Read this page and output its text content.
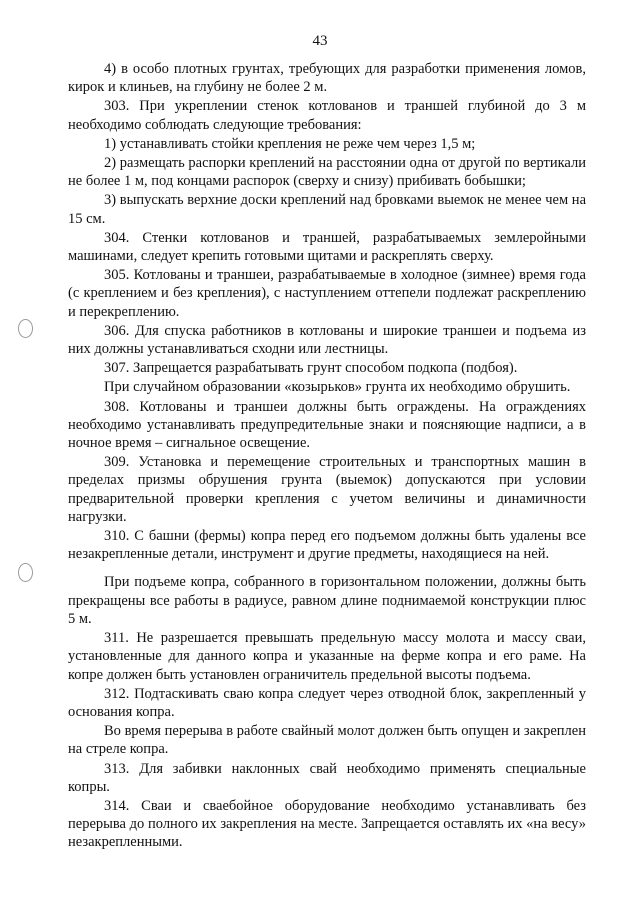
43

4) в особо плотных грунтах, требующих для разработки применения ломов, кирок и клиньев, на глубину не более 2 м.

303. При укреплении стенок котлованов и траншей глубиной до 3 м необходимо соблюдать следующие требования:

1) устанавливать стойки крепления не реже чем через 1,5 м;

2) размещать распорки креплений на расстоянии одна от другой по вертикали не более 1 м, под концами распорок (сверху и снизу) прибивать бобышки;

3) выпускать верхние доски креплений над бровками выемок не менее чем на 15 см.

304. Стенки котлованов и траншей, разрабатываемых землеройными машинами, следует крепить готовыми щитами и раскреплять сверху.

305. Котлованы и траншеи, разрабатываемые в холодное (зимнее) время года (с креплением и без крепления), с наступлением оттепели подлежат раскреплению и перекреплению.

306. Для спуска работников в котлованы и широкие траншеи и подъема из них должны устанавливаться сходни или лестницы.

307. Запрещается разрабатывать грунт способом подкопа (подбоя).

При случайном образовании «козырьков» грунта их необходимо обрушить.

308. Котлованы и траншеи должны быть ограждены. На ограждениях необходимо устанавливать предупредительные знаки и поясняющие надписи, а в ночное время – сигнальное освещение.

309. Установка и перемещение строительных и транспортных машин в пределах призмы обрушения грунта (выемок) допускаются при условии предварительной проверки крепления с учетом величины и динамичности нагрузки.

310. С башни (фермы) копра перед его подъемом должны быть удалены все незакрепленные детали, инструмент и другие предметы, находящиеся на ней.

При подъеме копра, собранного в горизонтальном положении, должны быть прекращены все работы в радиусе, равном длине поднимаемой конструкции плюс 5 м.

311. Не разрешается превышать предельную массу молота и массу сваи, установленные для данного копра и указанные на ферме копра и его раме. На копре должен быть установлен ограничитель предельной высоты подъема.

312. Подтаскивать сваю копра следует через отводной блок, закрепленный у основания копра.

Во время перерыва в работе свайный молот должен быть опущен и закреплен на стреле копра.

313. Для забивки наклонных свай необходимо применять специальные копры.

314. Сваи и сваебойное оборудование необходимо устанавливать без перерыва до полного их закрепления на месте. Запрещается оставлять их «на весу» незакрепленными.
